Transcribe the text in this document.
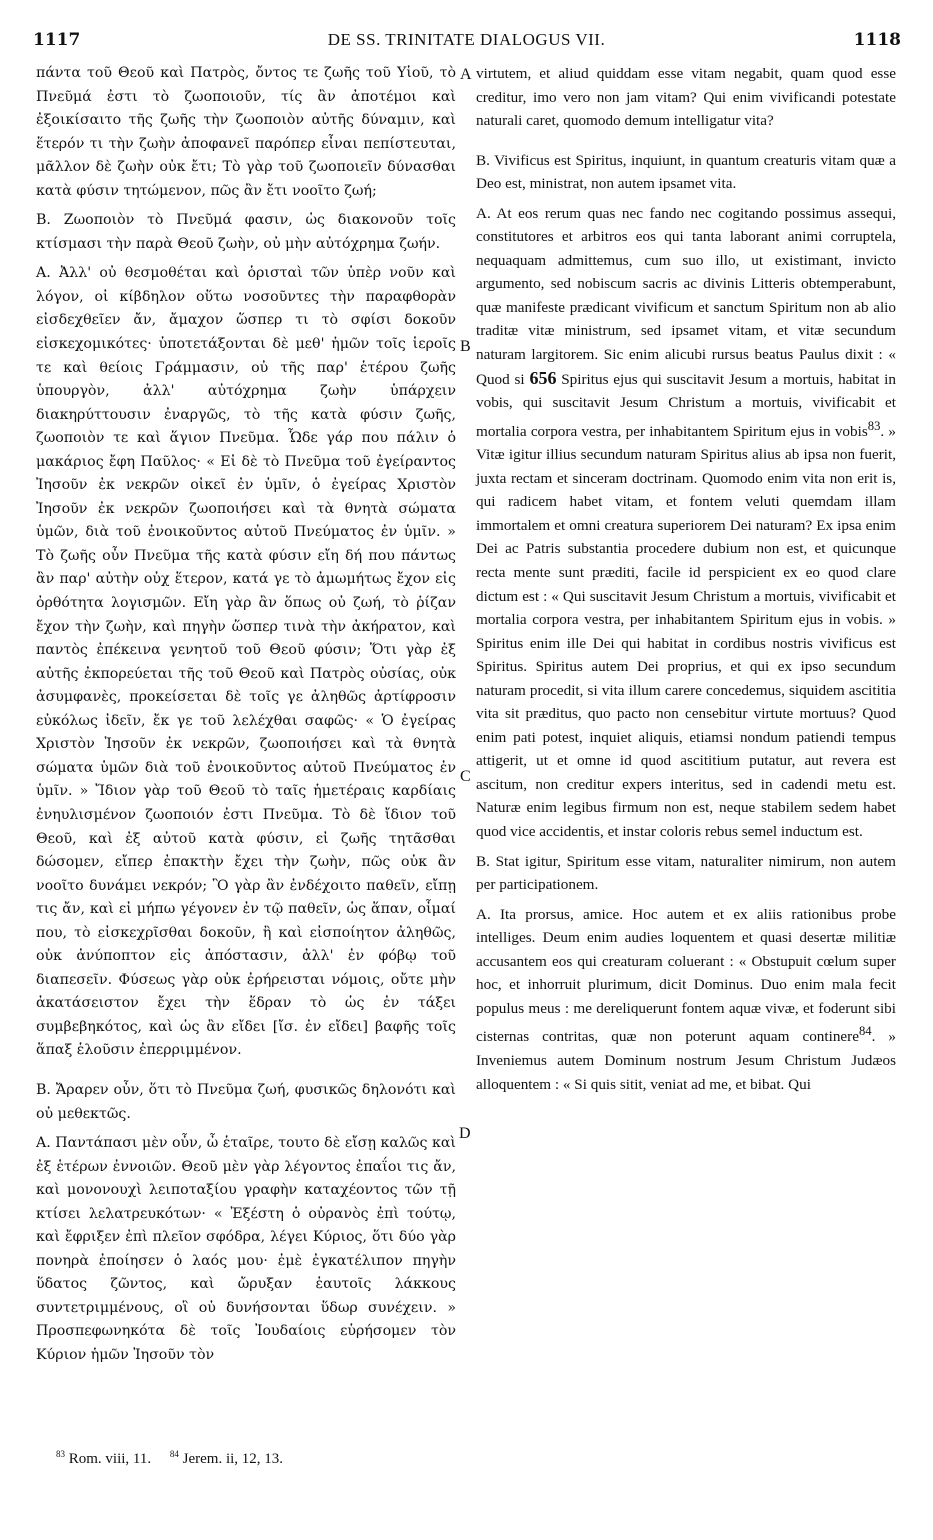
1117	DE SS. TRINITATE DIALOGUS VII.	1118

πάντα τοῦ Θεοῦ καὶ Πατρὸς, ὄντος τε ζωῆς τοῦ Υἱοῦ, τὸ Πνεῦμά ἐστι τὸ ζωοποιοῦν, τίς ἂν ἀποτέμοι καὶ ἐξοικίσαιτο τῆς ζωῆς τὴν ζωοποιὸν αὐτῆς δύναμιν, καὶ ἕτερόν τι τὴν ζωὴν ἀποφανεῖ παρόπερ εἶναι πεπίστευται, μᾶλλον δὲ ζωὴν οὐκ ἔτι; Τὸ γὰρ τοῦ ζωοποιεῖν δύνασθαι κατὰ φύσιν τητώμενον, πῶς ἂν ἔτι νοοῖτο ζωή;

B. Ζωοποιὸν τὸ Πνεῦμά φασιν, ὡς διακονοῦν τοῖς κτίσμασι τὴν παρὰ Θεοῦ ζωὴν, οὐ μὴν αὐτόχρημα ζωήν.

A. Ἀλλ' οὐ θεσμοθέται καὶ ὁρισταὶ τῶν ὑπὲρ νοῦν καὶ λόγον, οἱ κίβδηλον οὕτω νοσοῦντες τὴν παραφθορὰν εἰσδεχθεῖεν ἄν, ἄμαχον ὥσπερ τι τὸ σφίσι δοκοῦν εἰσκεχομικότες· ὑποτετάξονται δὲ μεθ' ἡμῶν τοῖς ἱεροῖς τε καὶ θείοις Γράμμασιν, οὐ τῆς παρ' ἑτέρου ζωῆς ὑπουργὸν, ἀλλ' αὐτόχρημα ζωὴν ὑπάρχειν διακηρύττουσιν ἐναργῶς, τὸ τῆς κατὰ φύσιν ζωῆς, ζωοποιὸν τε καὶ ἅγιον Πνεῦμα. Ὧδε γάρ που πάλιν ὁ μακάριος ἔφη Παῦλος· « Εἰ δὲ τὸ Πνεῦμα τοῦ ἐγείραντος Ἰησοῦν ἐκ νεκρῶν οἰκεῖ ἐν ὑμῖν, ὁ ἐγείρας Χριστὸν Ἰησοῦν ἐκ νεκρῶν ζωοποιήσει καὶ τὰ θνητὰ σώματα ὑμῶν, διὰ τοῦ ἐνοικοῦντος αὐτοῦ Πνεύματος ἐν ὑμῖν. » Τὸ ζωῆς οὖν Πνεῦμα τῆς κατὰ φύσιν εἴη δή που πάντως ἂν παρ' αὐτὴν οὐχ ἕτερον, κατά γε τὸ ἀμωμήτως ἔχον εἰς ὀρθότητα λογισμῶν. Εἴη γὰρ ἂν ὅπως οὐ ζωή, τὸ ῥίζαν ἔχον τὴν ζωὴν, καὶ πηγὴν ὥσπερ τινὰ τὴν ἀκήρατον, καὶ παντὸς ἐπέκεινα γενητοῦ τοῦ Θεοῦ φύσιν; Ὅτι γὰρ ἐξ αὐτῆς ἐκπορεύεται τῆς τοῦ Θεοῦ καὶ Πατρὸς οὐσίας, οὐκ ἀσυμφανὲς, προκείσεται δὲ τοῖς γε ἀληθῶς ἀρτίφροσιν εὐκόλως ἰδεῖν, ἔκ γε τοῦ λελέχθαι σαφῶς· « Ὁ ἐγείρας Χριστὸν Ἰησοῦν ἐκ νεκρῶν, ζωοποιήσει καὶ τὰ θνητὰ σώματα ὑμῶν διὰ τοῦ ἐνοικοῦντος αὐτοῦ Πνεύματος ἐν ὑμῖν. » Ἴδιον γὰρ τοῦ Θεοῦ τὸ ταῖς ἡμετέραις καρδίαις ἐνηυλισμένον ζωοποιόν ἐστι Πνεῦμα. Τὸ δὲ ἴδιον τοῦ Θεοῦ, καὶ ἐξ αὐτοῦ κατὰ φύσιν, εἰ ζωῆς τητᾶσθαι δώσομεν, εἴπερ ἐπακτὴν ἔχει τὴν ζωὴν, πῶς οὐκ ἂν νοοῖτο δυνάμει νεκρόν; Ὃ γὰρ ἂν ἐνδέχοιτο παθεῖν, εἴπῃ τις ἄν, καὶ εἰ μήπω γέγονεν ἐν τῷ παθεῖν, ὡς ἅπαν, οἶμαί που, τὸ εἰσκεχρῖσθαι δοκοῦν, ἢ καὶ εἰσποίητον ἀληθῶς, οὐκ ἀνύποπτον εἰς ἀπόστασιν, ἀλλ' ἐν φόβῳ τοῦ διαπεσεῖν. Φύσεως γὰρ οὐκ ἐρήρεισται νόμοις, οὔτε μὴν ἀκατάσειστον ἔχει τὴν ἕδραν τὸ ὡς ἐν τάξει συμβεβηκότος, καὶ ὡς ἂν εἴδει [ἴσ. ἐν εἴδει] βαφῆς τοῖς ἅπαξ ἑλοῦσιν ἐπερριμμένον.

B. Ἄραρεν οὖν, ὅτι τὸ Πνεῦμα ζωή, φυσικῶς δηλονότι καὶ οὐ μεθεκτῶς.

A. Παντάπασι μὲν οὖν, ὦ ἑταῖρε, τουτο δὲ εἴσῃ καλῶς καὶ ἐξ ἑτέρων ἐννοιῶν. Θεοῦ μὲν γὰρ λέγοντος ἐπαΐοι τις ἄν, καὶ μονονουχὶ λειποταξίου γραφὴν καταχέοντος τῶν τῇ κτίσει λελατρευκότων· « Ἐξέστη ὁ οὐρανὸς ἐπὶ τούτῳ, καὶ ἔφριξεν ἐπὶ πλεῖον σφόδρα, λέγει Κύριος, ὅτι δύο γὰρ πονηρὰ ἐποίησεν ὁ λαός μου· ἐμὲ ἐγκατέλιπον πηγὴν ὕδατος ζῶντος, καὶ ὤρυξαν ἑαυτοῖς λάκκους συντετριμμένους, οἳ οὐ δυνήσονται ὕδωρ συνέχειν. » Προσπεφωνηκότα δὲ τοῖς Ἰουδαίοις εὑρήσομεν τὸν Κύριον ἡμῶν Ἰησοῦν τὸν

A
B
C
D

virtutem, et aliud quiddam esse vitam negabit, quam quod esse creditur, imo vero non jam vitam? Qui enim vivificandi potestate naturali caret, quomodo demum intelligatur vita?

B. Vivificus est Spiritus, inquiunt, in quantum creaturis vitam quæ a Deo est, ministrat, non autem ipsamet vita.

A. At eos rerum quas nec fando nec cogitando possimus assequi, constitutores et arbitros eos qui tanta laborant animi corruptela, nequaquam admittemus, cum suo illo, ut existimant, invicto argumento, sed nobiscum sacris ac divinis Litteris obtemperabunt, quæ manifeste prædicant vivificum et sanctum Spiritum non ab alio traditæ vitæ ministrum, sed ipsamet vitam, et vitæ secundum naturam largitorem. Sic enim alicubi rursus beatus Paulus dixit : « Quod si 656 Spiritus ejus qui suscitavit Jesum a mortuis, habitat in vobis, qui suscitavit Jesum Christum a mortuis, vivificabit et mortalia corpora vestra, per inhabitantem Spiritum ejus in vobis$^{83}$. » Vitæ igitur illius secundum naturam Spiritus alius ab ipsa non fuerit, juxta rectam et sinceram doctrinam. Quomodo enim vita non erit is, qui radicem habet vitam, et fontem veluti quemdam illam immortalem et omni creatura superiorem Dei naturam? Ex ipsa enim Dei ac Patris substantia procedere dubium non est, et quicunque recta mente sunt præditi, facile id perspicient ex eo quod clare dictum est : « Qui suscitavit Jesum Christum a mortuis, vivificabit et mortalia corpora vestra, per inhabitantem Spiritum ejus in vobis. » Spiritus enim ille Dei qui habitat in cordibus nostris vivificus est Spiritus. Spiritus autem Dei proprius, et qui ex ipso secundum naturam procedit, si vita illum carere concedemus, siquidem ascititia vita sit præditus, quo pacto non censebitur virtute mortuus? Quod enim pati potest, inquiet aliquis, etiamsi nondum patiendi tempus attigerit, ut et omne id quod ascititium putatur, aut revera est ascitum, non creditur expers interitus, sed in cadendi metu est. Naturæ enim legibus firmum non est, neque stabilem sedem habet quod vice accidentis, et instar coloris rebus semel inductum est.

B. Stat igitur, Spiritum esse vitam, naturaliter nimirum, non autem per participationem.

A. Ita prorsus, amice. Hoc autem et ex aliis rationibus probe intelliges. Deum enim audies loquentem et quasi desertæ militiæ accusantem eos qui creaturam coluerant : « Obstupuit cœlum super hoc, et inhorruit plurimum, dicit Dominus. Duo enim mala fecit populus meus : me dereliquerunt fontem aquæ vivæ, et foderunt sibi cisternas contritas, quæ non poterunt aquam continere$^{84}$. » Inveniemus autem Dominum nostrum Jesum Christum Judæos alloquentem : « Si quis sitit, veniat ad me, et bibat. Qui

$^{83}$ Rom. viii, 11. $^{84}$ Jerem. ii, 12, 13.
